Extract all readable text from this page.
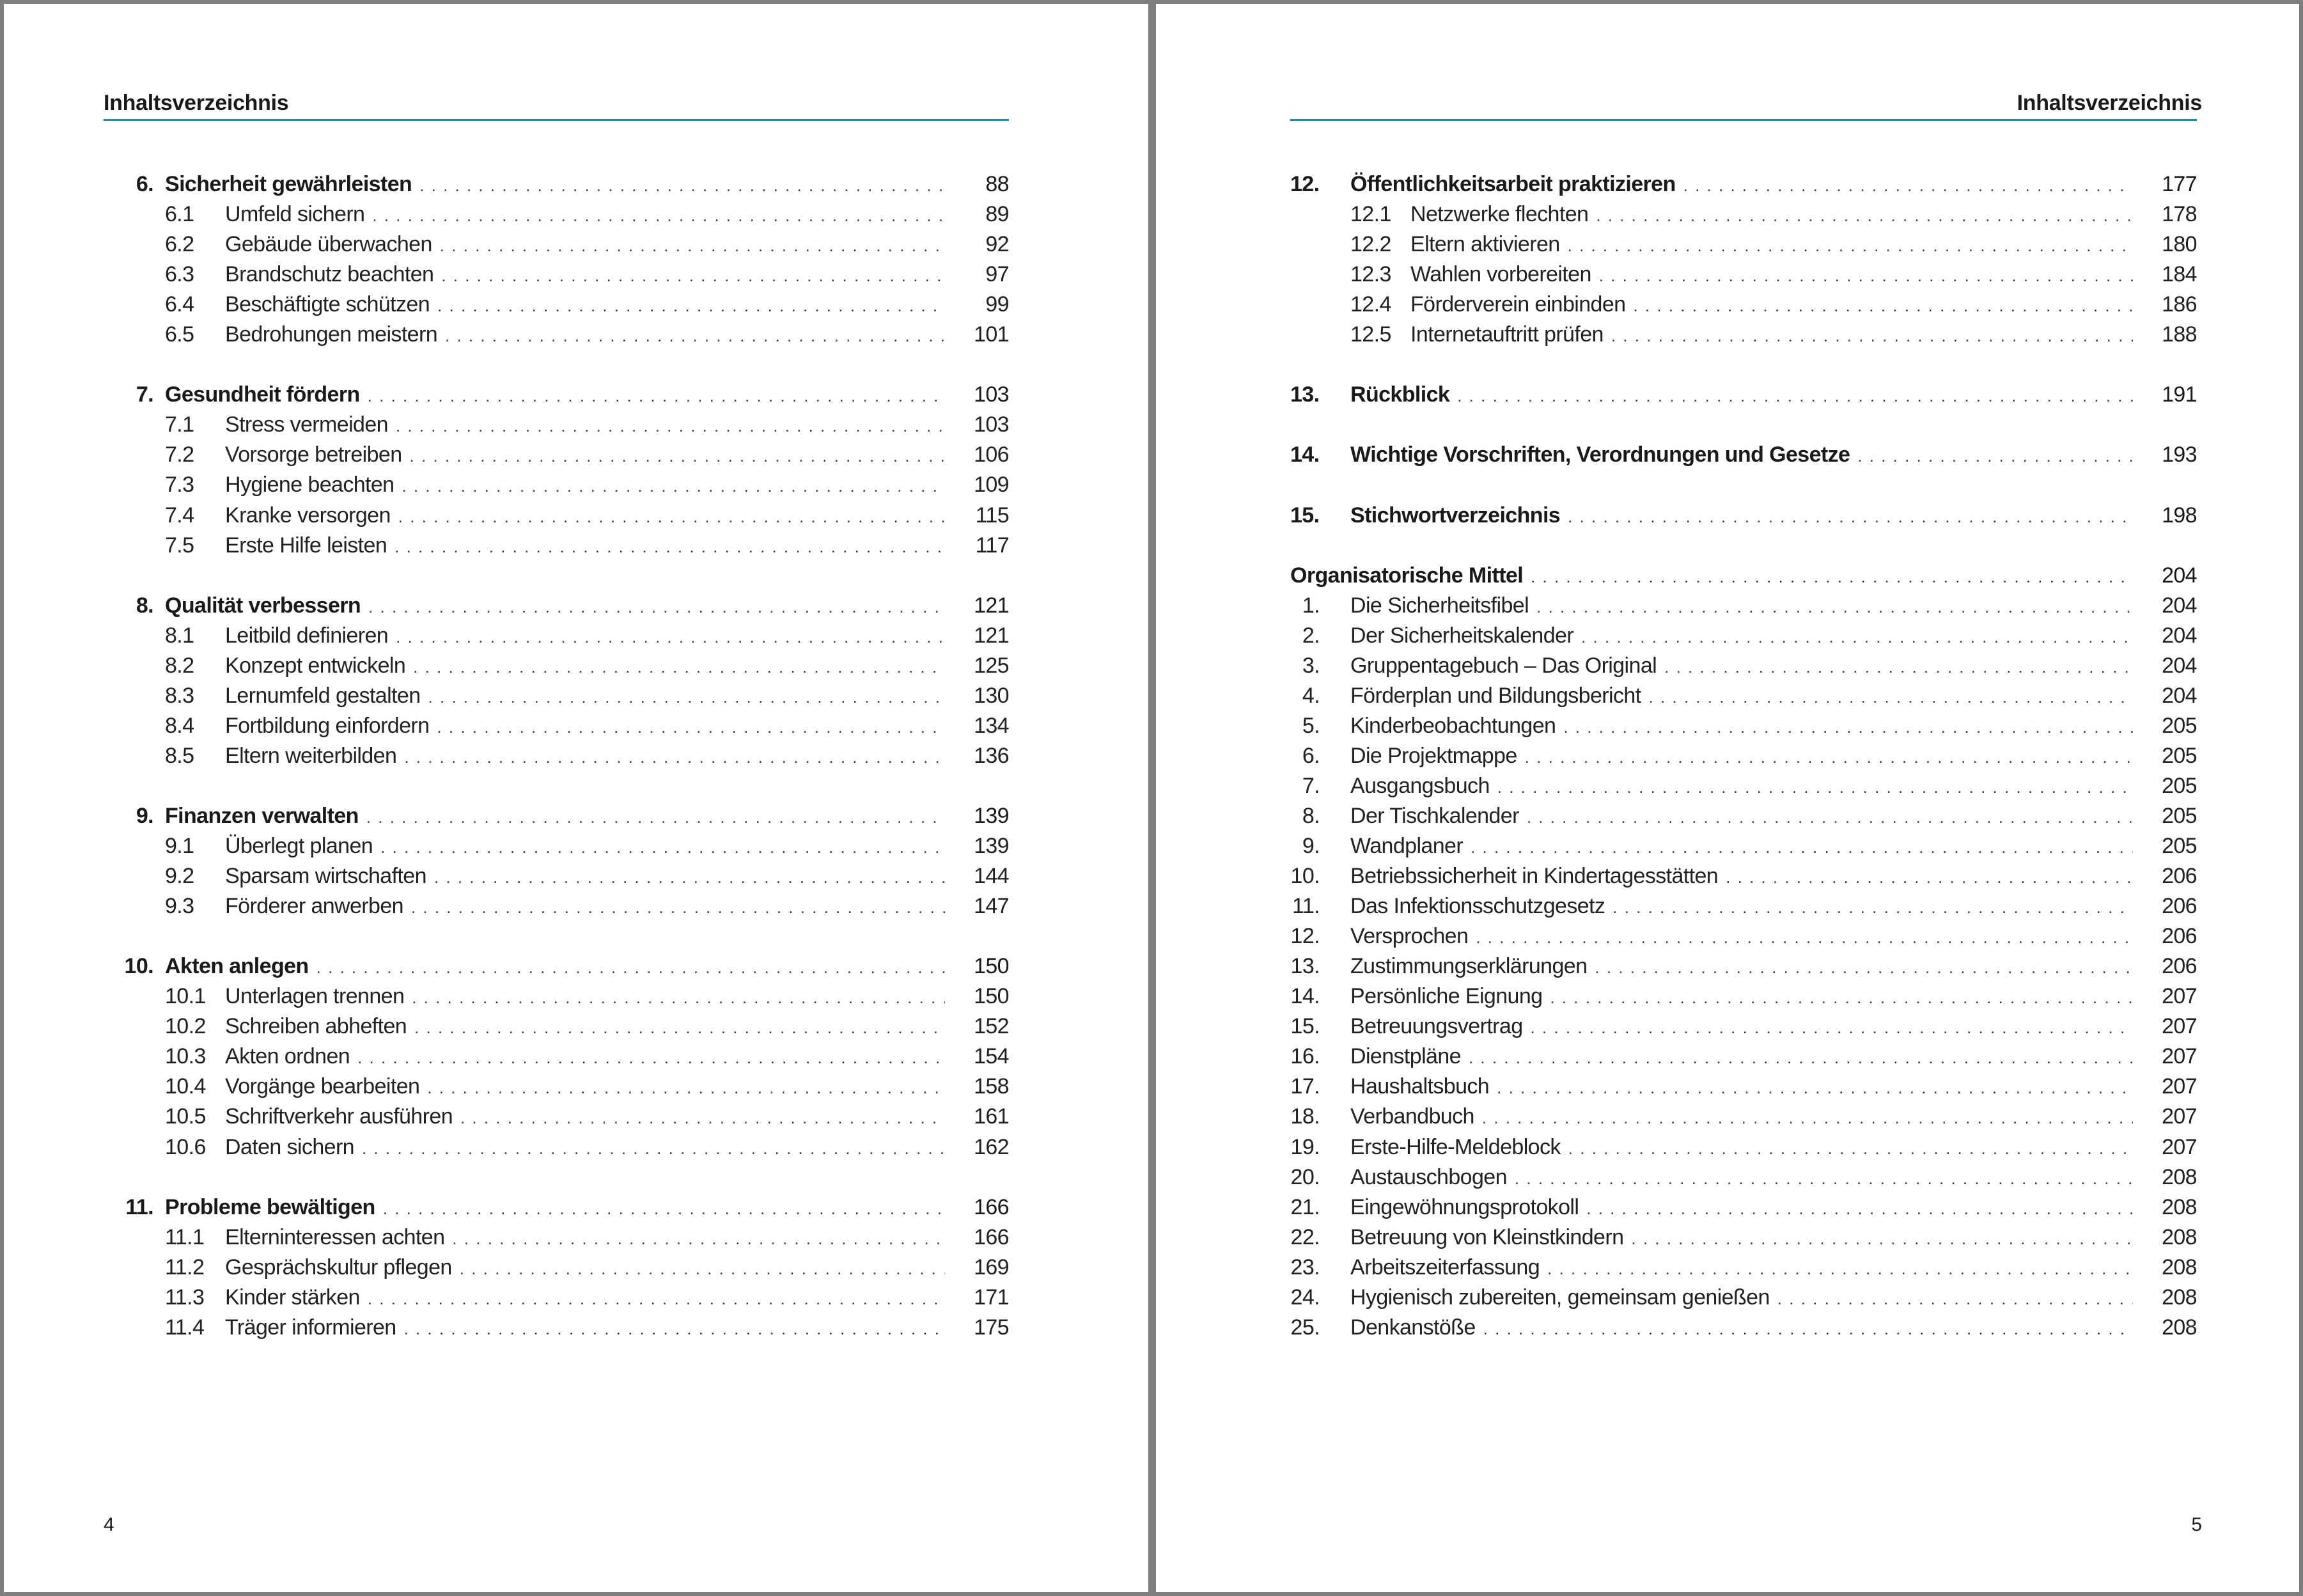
Inhaltsverzeichnis
6. Sicherheit gewährleisten . . .	88
6.1 Umfeld sichern . . .	89
6.2 Gebäude überwachen . . .	92
6.3 Brandschutz beachten . . .	97
6.4 Beschäftigte schützen . . .	99
6.5 Bedrohungen meistern . . .	101
7. Gesundheit fördern . . .	103
7.1 Stress vermeiden . . .	103
7.2 Vorsorge betreiben . . .	106
7.3 Hygiene beachten . . .	109
7.4 Kranke versorgen . . .	115
7.5 Erste Hilfe leisten . . .	117
8. Qualität verbessern . . .	121
8.1 Leitbild definieren . . .	121
8.2 Konzept entwickeln . . .	125
8.3 Lernumfeld gestalten . . .	130
8.4 Fortbildung einfordern . . .	134
8.5 Eltern weiterbilden . . .	136
9. Finanzen verwalten . . .	139
9.1 Überlegt planen . . .	139
9.2 Sparsam wirtschaften . . .	144
9.3 Förderer anwerben . . .	147
10. Akten anlegen . . .	150
10.1 Unterlagen trennen . . .	150
10.2 Schreiben abheften . . .	152
10.3 Akten ordnen . . .	154
10.4 Vorgänge bearbeiten . . .	158
10.5 Schriftverkehr ausführen . . .	161
10.6 Daten sichern . . .	162
11. Probleme bewältigen . . .	166
11.1 Elterninteressen achten . . .	166
11.2 Gesprächskultur pflegen . . .	169
11.3 Kinder stärken . . .	171
11.4 Träger informieren . . .	175
4
Inhaltsverzeichnis
12.	Öffentlichkeitsarbeit praktizieren . . .	177
12.1 Netzwerke flechten . . .	178
12.2 Eltern aktivieren . . .	180
12.3 Wahlen vorbereiten . . .	184
12.4 Förderverein einbinden . . .	186
12.5 Internetauftritt prüfen . . .	188
13.	Rückblick . . .	191
14.	Wichtige Vorschriften, Verordnungen und Gesetze . . .	193
15.	Stichwortverzeichnis . . .	198
Organisatorische Mittel . . .	204
1. Die Sicherheitsfibel . . .	204
2. Der Sicherheitskalender . . .	204
3. Gruppentagebuch – Das Original . . .	204
4. Förderplan und Bildungsbericht . . .	204
5. Kinderbeobachtungen . . .	205
6. Die Projektmappe . . .	205
7. Ausgangsbuch . . .	205
8. Der Tischkalender . . .	205
9. Wandplaner . . .	205
10. Betriebssicherheit in Kindertagesstätten . . .	206
11. Das Infektionsschutzgesetz . . .	206
12. Versprochen . . .	206
13. Zustimmungserklärungen . . .	206
14. Persönliche Eignung . . .	207
15. Betreuungsvertrag . . .	207
16. Dienstpläne . . .	207
17. Haushaltsbuch . . .	207
18. Verbandbuch . . .	207
19. Erste-Hilfe-Meldeblock . . .	207
20. Austauschbogen . . .	208
21. Eingewöhnungsprotokoll . . .	208
22. Betreuung von Kleinstkindern . . .	208
23. Arbeitszeiterfassung . . .	208
24. Hygienisch zubereiten, gemeinsam genießen . . .	208
25. Denkanstöße . . .	208
5
